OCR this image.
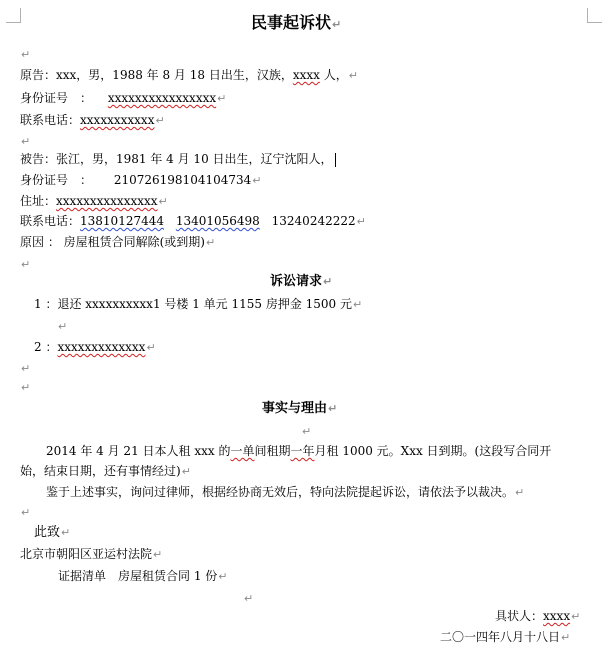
民事起诉状↵
↵
原告：xxx，男，1988 年 8 月 18 日出生，汉族，xxxx 人，↵
身份证号　： xxxxxxxxxxxxxxxx↵
联系电话：xxxxxxxxxxx↵
↵
被告：张江，男，1981 年 4 月 10 日出生，辽宁沈阳人，
身份证号　： 210726198104104734↵
住址：xxxxxxxxxxxxxxx↵
联系电话：13810127444 13401056498 13240242222↵
原因 ： 房屋租赁合同解除(或到期)↵
↵
诉讼请求↵
1 ：退还 xxxxxxxxxx1 号楼 1 单元 1155 房押金 1500 元↵
↵
2 ：xxxxxxxxxxxxx↵
↵
↵
事实与理由↵
↵
2014 年 4 月 21 日本人租 xxx 的一单间租期一年月租 1000 元。Xxx 日到期。(这段写合同开
始，结束日期，还有事情经过)↵
鉴于上述事实，询问过律师，根据经协商无效后，特向法院提起诉讼，请依法予以裁决。↵
↵
此致↵
北京市朝阳区亚运村法院↵
证据清单　房屋租赁合同 1 份↵
↵
具状人：xxxx↵
二〇一四年八月十八日↵
